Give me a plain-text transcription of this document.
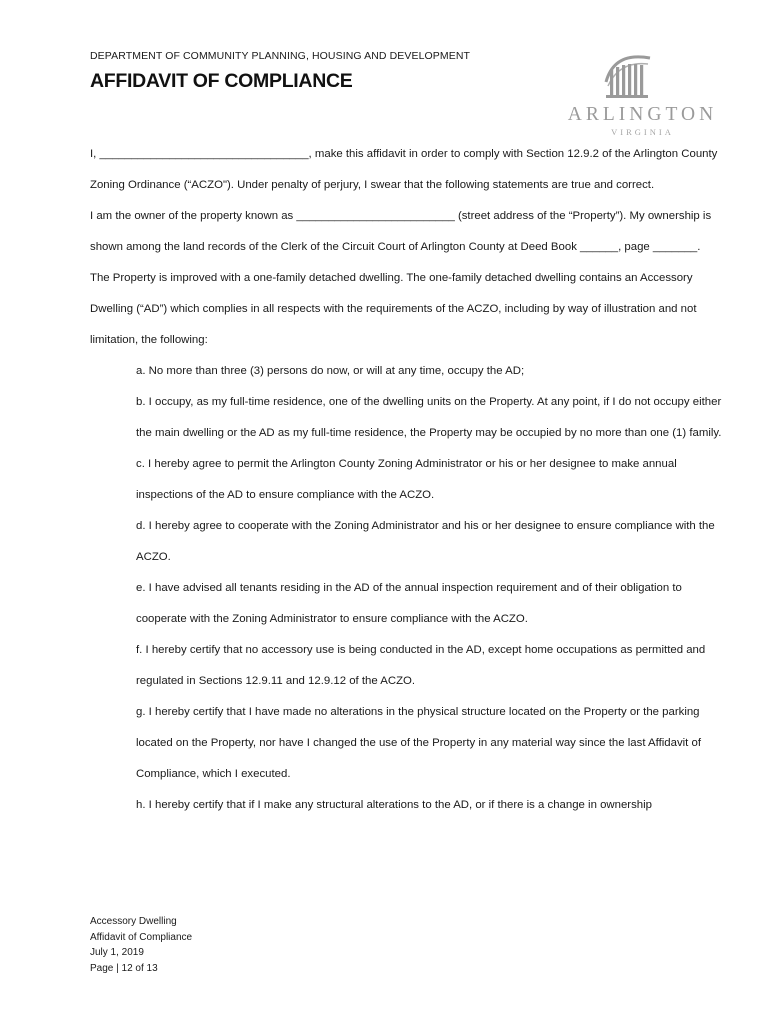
DEPARTMENT OF COMMUNITY PLANNING, HOUSING AND DEVELOPMENT
AFFIDAVIT OF COMPLIANCE
ARLINGTON
VIRGINIA

I, _________________________________, make this affidavit in order to comply with Section 12.9.2 of the Arlington County Zoning Ordinance (“ACZO"). Under penalty of perjury, I swear that the following statements are true and correct.

I am the owner of the property known as _________________________ (street address of the “Property”). My ownership is shown among the land records of the Clerk of the Circuit Court of Arlington County at Deed Book ______, page _______. The Property is improved with a one-family detached dwelling. The one-family detached dwelling contains an Accessory Dwelling (“AD”) which complies in all respects with the requirements of the ACZO, including by way of illustration and not limitation, the following:

a. No more than three (3) persons do now, or will at any time, occupy the AD;

b. I occupy, as my full-time residence, one of the dwelling units on the Property. At any point, if I do not occupy either the main dwelling or the AD as my full-time residence, the Property may be occupied by no more than one (1) family.

c. I hereby agree to permit the Arlington County Zoning Administrator or his or her designee to make annual inspections of the AD to ensure compliance with the ACZO.

d. I hereby agree to cooperate with the Zoning Administrator and his or her designee to ensure compliance with the ACZO.

e. I have advised all tenants residing in the AD of the annual inspection requirement and of their obligation to cooperate with the Zoning Administrator to ensure compliance with the ACZO.

f. I hereby certify that no accessory use is being conducted in the AD, except home occupations as permitted and regulated in Sections 12.9.11 and 12.9.12 of the ACZO.

g. I hereby certify that I have made no alterations in the physical structure located on the Property or the parking located on the Property, nor have I changed the use of the Property in any material way since the last Affidavit of Compliance, which I executed.

h. I hereby certify that if I make any structural alterations to the AD, or if there is a change in ownership

Accessory Dwelling
Affidavit of Compliance
July 1, 2019
Page | 12 of 13
